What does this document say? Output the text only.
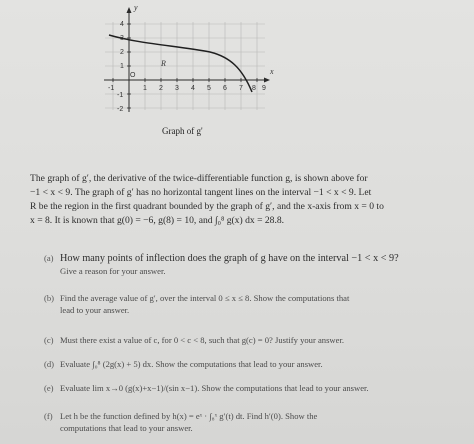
y
x
R
4
3
2
1
-1
-2
-1
O
1 2 3 4 5 6 7 8 9
Graph of g'
The graph of g′, the derivative of the twice-differentiable function g, is shown above for
−1 < x < 9. The graph of g′ has no horizontal tangent lines on the interval −1 < x < 9. Let
R be the region in the first quadrant bounded by the graph of g′, and the x-axis from x = 0 to
x = 8. It is known that g(0) = −6, g(8) = 10, and ∫₀⁸ g(x) dx = 28.8.
(a) How many points of inflection does the graph of g have on the interval −1 < x < 9?
Give a reason for your answer.
(b) Find the average value of g′, over the interval 0 ≤ x ≤ 8. Show the computations that
lead to your answer.
(c) Must there exist a value of c, for 0 < c < 8, such that g(c) = 0? Justify your answer.
(d) Evaluate ∫₀⁸ (2g(x) + 5) dx. Show the computations that lead to your answer.
(e) Evaluate lim x→0 (g(x)+x−1)/(sin x−1). Show the computations that lead to your answer.
(f) Let h be the function defined by h(x) = eˣ · ∫₈ˣ g′(t) dt. Find h′(0). Show the
computations that lead to your answer.
